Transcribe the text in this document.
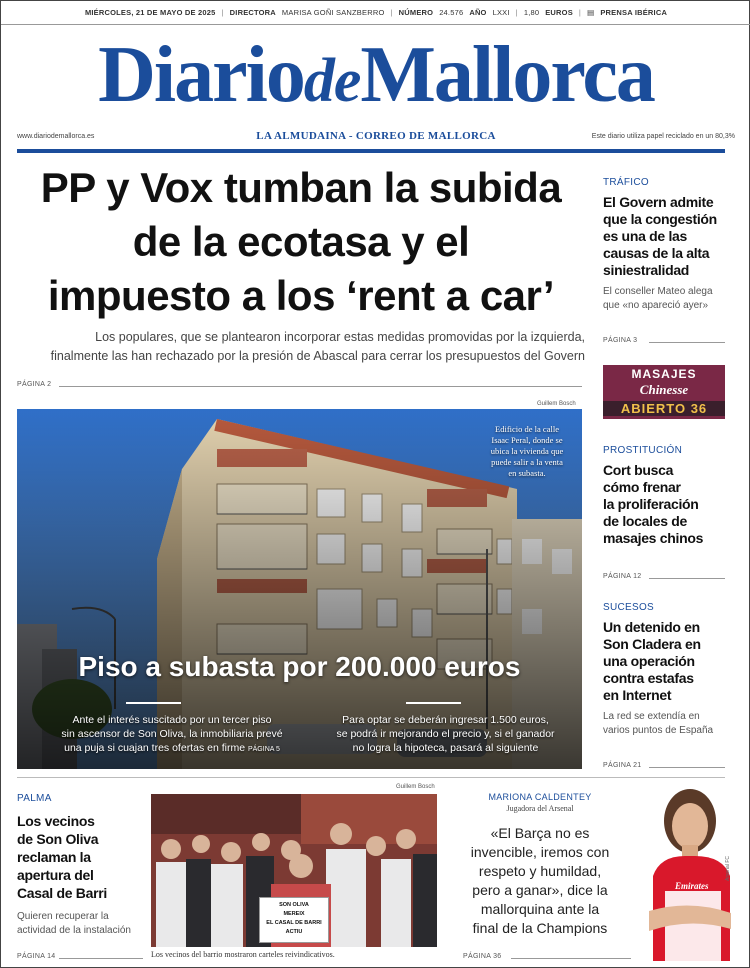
MIÉRCOLES, 21 DE MAYO DE 2025 | DIRECTORA MARISA GOÑI SANZBERRO | NÚMERO 24.576 AÑO LXXI | 1,80 EUROS | ▤ PRENSA IBÉRICA
DiariodeMallorca
www.diariodemallorca.es	LA ALMUDAINA - CORREO DE MALLORCA	Este diario utiliza papel reciclado en un 80,3%
PP y Vox tumban la subida
de la ecotasa y el
impuesto a los ‘rent a car’
Los populares, que se plantearon incorporar estas medidas promovidas por la izquierda,
finalmente las han rechazado por la presión de Abascal para cerrar los presupuestos del Govern
PÁGINA 2
Guillem Bosch
Edificio de la calle
Isaac Peral, donde se
ubica la vivienda que
puede salir a la venta
en subasta.
Piso a subasta por 200.000 euros
Ante el interés suscitado por un tercer piso
sin ascensor de Son Oliva, la inmobiliaria prevé
una puja si cuajan tres ofertas en firme PÁGINA 5
Para optar se deberán ingresar 1.500 euros,
se podrá ir mejorando el precio y, si el ganador
no logra la hipoteca, pasará al siguiente
TRÁFICO
El Govern admite
que la congestión
es una de las
causas de la alta
siniestralidad
El conseller Mateo alega
que «no apareció ayer»
PÁGINA 3
MASAJES
Chinesse
ABIERTO 36
PROSTITUCIÓN
Cort busca
cómo frenar
la proliferación
de locales de
masajes chinos
PÁGINA 12
SUCESOS
Un detenido en
Son Cladera en
una operación
contra estafas
en Internet
La red se extendía en
varios puntos de España
PÁGINA 21
PALMA
Los vecinos
de Son Oliva
reclaman la
apertura del
Casal de Barri
Quieren recuperar la
actividad de la instalación
PÁGINA 14
Guillem Bosch
SON OLIVA
MEREIX
EL CASAL DE BARRI
ACTIU
Los vecinos del barrio mostraron carteles reivindicativos.
MARIONA CALDENTEY
Jugadora del Arsenal
«El Barça no es
invencible, iremos con
respeto y humildad,
pero a ganar», dice la
mallorquina ante la
final de la Champions
PÁGINA 36
Emirates
Arsenal FC
